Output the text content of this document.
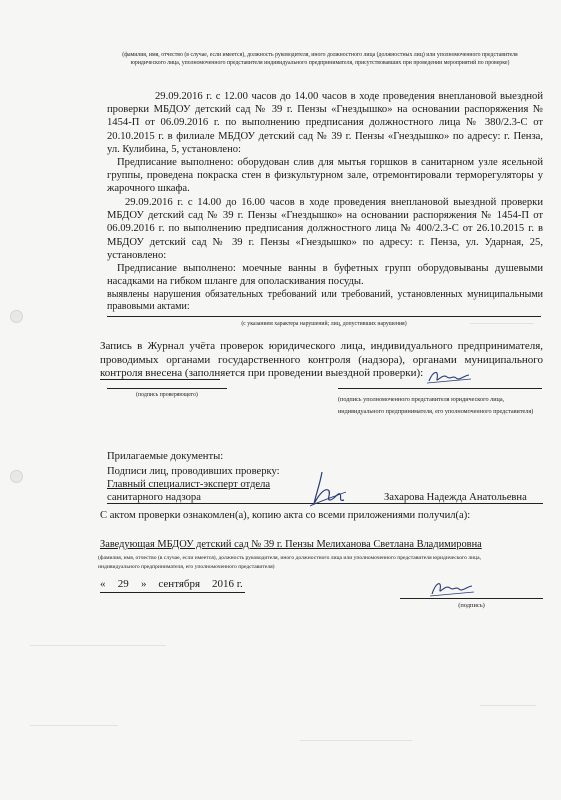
————————
—————————————————
———————
———————————
——————————————
(фамилия, имя, отчество (в случае, если имеется), должность руководителя, иного должностного лица (должностных лиц) или уполномоченного представителя
юридического лица, уполномоченного представителя индивидуального предпринимателя, присутствовавших при проведении мероприятий по проверке)
29.09.2016 г. с 12.00 часов до 14.00 часов в ходе проведения внеплановой выездной проверки МБДОУ детский сад № 39 г. Пензы «Гнездышко» на основании распоряжения № 1454-П от 06.09.2016 г. по выполнению предписания должностного лица № 380/2.3-С от 20.10.2015 г. в филиале МБДОУ детский сад № 39 г. Пензы «Гнездышко» по адресу: г. Пенза, ул. Кулибина, 5, установлено:
Предписание выполнено: оборудован слив для мытья горшков в санитарном узле ясельной группы, проведена покраска стен в физкультурном зале, отремонтировали терморегуляторы у жарочного шкафа.
29.09.2016 г. с 14.00 до 16.00 часов в ходе проведения внеплановой выездной проверки МБДОУ детский сад № 39 г. Пензы «Гнездышко» на основании распоряжения № 1454-П от 06.09.2016 г. по выполнению предписания должностного лица № 400/2.3-С от 26.10.2015 г. в МБДОУ детский сад № 39 г. Пензы «Гнездышко» по адресу: г. Пенза, ул. Ударная, 25, установлено:
Предписание выполнено: моечные ванны в буфетных групп оборудовываны душевыми насадками на гибком шланге для ополаскивания посуды.
выявлены нарушения обязательных требований или требований, установленных муниципальными правовыми актами:
(с указанием характера нарушений; лиц, допустивших нарушения)
Запись в Журнал учёта проверок юридического лица, индивидуального предпринимателя, проводимых органами государственного контроля (надзора), органами муниципального контроля внесена (заполняется при проведении выездной проверки):
(подпись проверяющего)
(подпись уполномоченного представителя юридического лица, индивидуального предпринимателя, его уполномоченного представителя)
Прилагаемые документы:
Подписи лиц, проводивших проверку:
Главный специалист-эксперт отдела
санитарного надзора	Захарова Надежда Анатольевна
С актом проверки ознакомлен(а), копию акта со всеми приложениями получил(а):
Заведующая МБДОУ детский сад № 39 г. Пензы Мелиханова Светлана Владимировна
(фамилия, имя, отчество (в случае, если имеется), должность руководителя, иного должностного лица или уполномоченного представителя юридического лица,
индивидуального предпринимателя, его уполномоченного представителя)
« 29 » сентября 2016 г.
(подпись)
